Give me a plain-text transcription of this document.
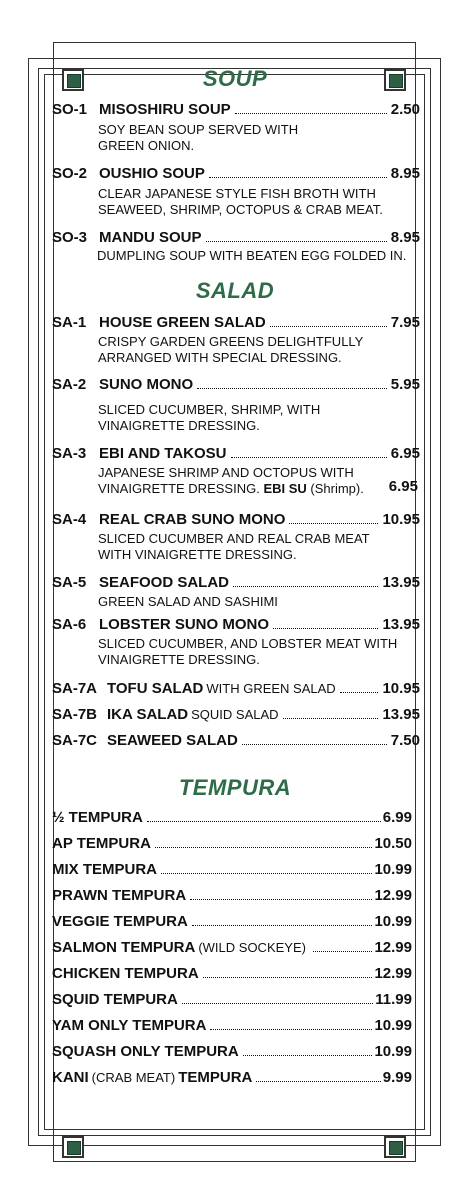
SOUP
SO-1 MISOSHIRU SOUP	2.50
SOY BEAN SOUP SERVED WITH
GREEN ONION.
SO-2 OUSHIO SOUP	8.95
CLEAR JAPANESE STYLE FISH BROTH WITH
SEAWEED, SHRIMP, OCTOPUS & CRAB MEAT.
SO-3 MANDU SOUP	8.95
DUMPLING SOUP WITH BEATEN EGG FOLDED IN.
SALAD
SA-1 HOUSE GREEN SALAD	7.95
CRISPY GARDEN GREENS DELIGHTFULLY
ARRANGED WITH SPECIAL DRESSING.
SA-2 SUNO MONO	5.95
SLICED CUCUMBER, SHRIMP, WITH
VINAIGRETTE DRESSING.
SA-3 EBI AND TAKOSU	6.95
JAPANESE SHRIMP AND OCTOPUS WITH
VINAIGRETTE DRESSING. EBI SU (Shrimp). 6.95
SA-4 REAL CRAB SUNO MONO	10.95
SLICED CUCUMBER AND REAL CRAB MEAT
WITH VINAIGRETTE DRESSING.
SA-5 SEAFOOD SALAD	13.95
GREEN SALAD AND SASHIMI
SA-6 LOBSTER SUNO MONO	13.95
SLICED CUCUMBER, AND LOBSTER MEAT WITH
VINAIGRETTE DRESSING.
SA-7A TOFU SALAD WITH GREEN SALAD	10.95
SA-7B IKA SALAD SQUID SALAD	13.95
SA-7C SEAWEED SALAD	7.50
TEMPURA
½ TEMPURA	6.99
AP TEMPURA	10.50
MIX TEMPURA	10.99
PRAWN TEMPURA	12.99
VEGGIE TEMPURA	10.99
SALMON TEMPURA (WILD SOCKEYE)	12.99
CHICKEN TEMPURA	12.99
SQUID TEMPURA	11.99
YAM ONLY TEMPURA	10.99
SQUASH ONLY TEMPURA	10.99
KANI (CRAB MEAT) TEMPURA	9.99
